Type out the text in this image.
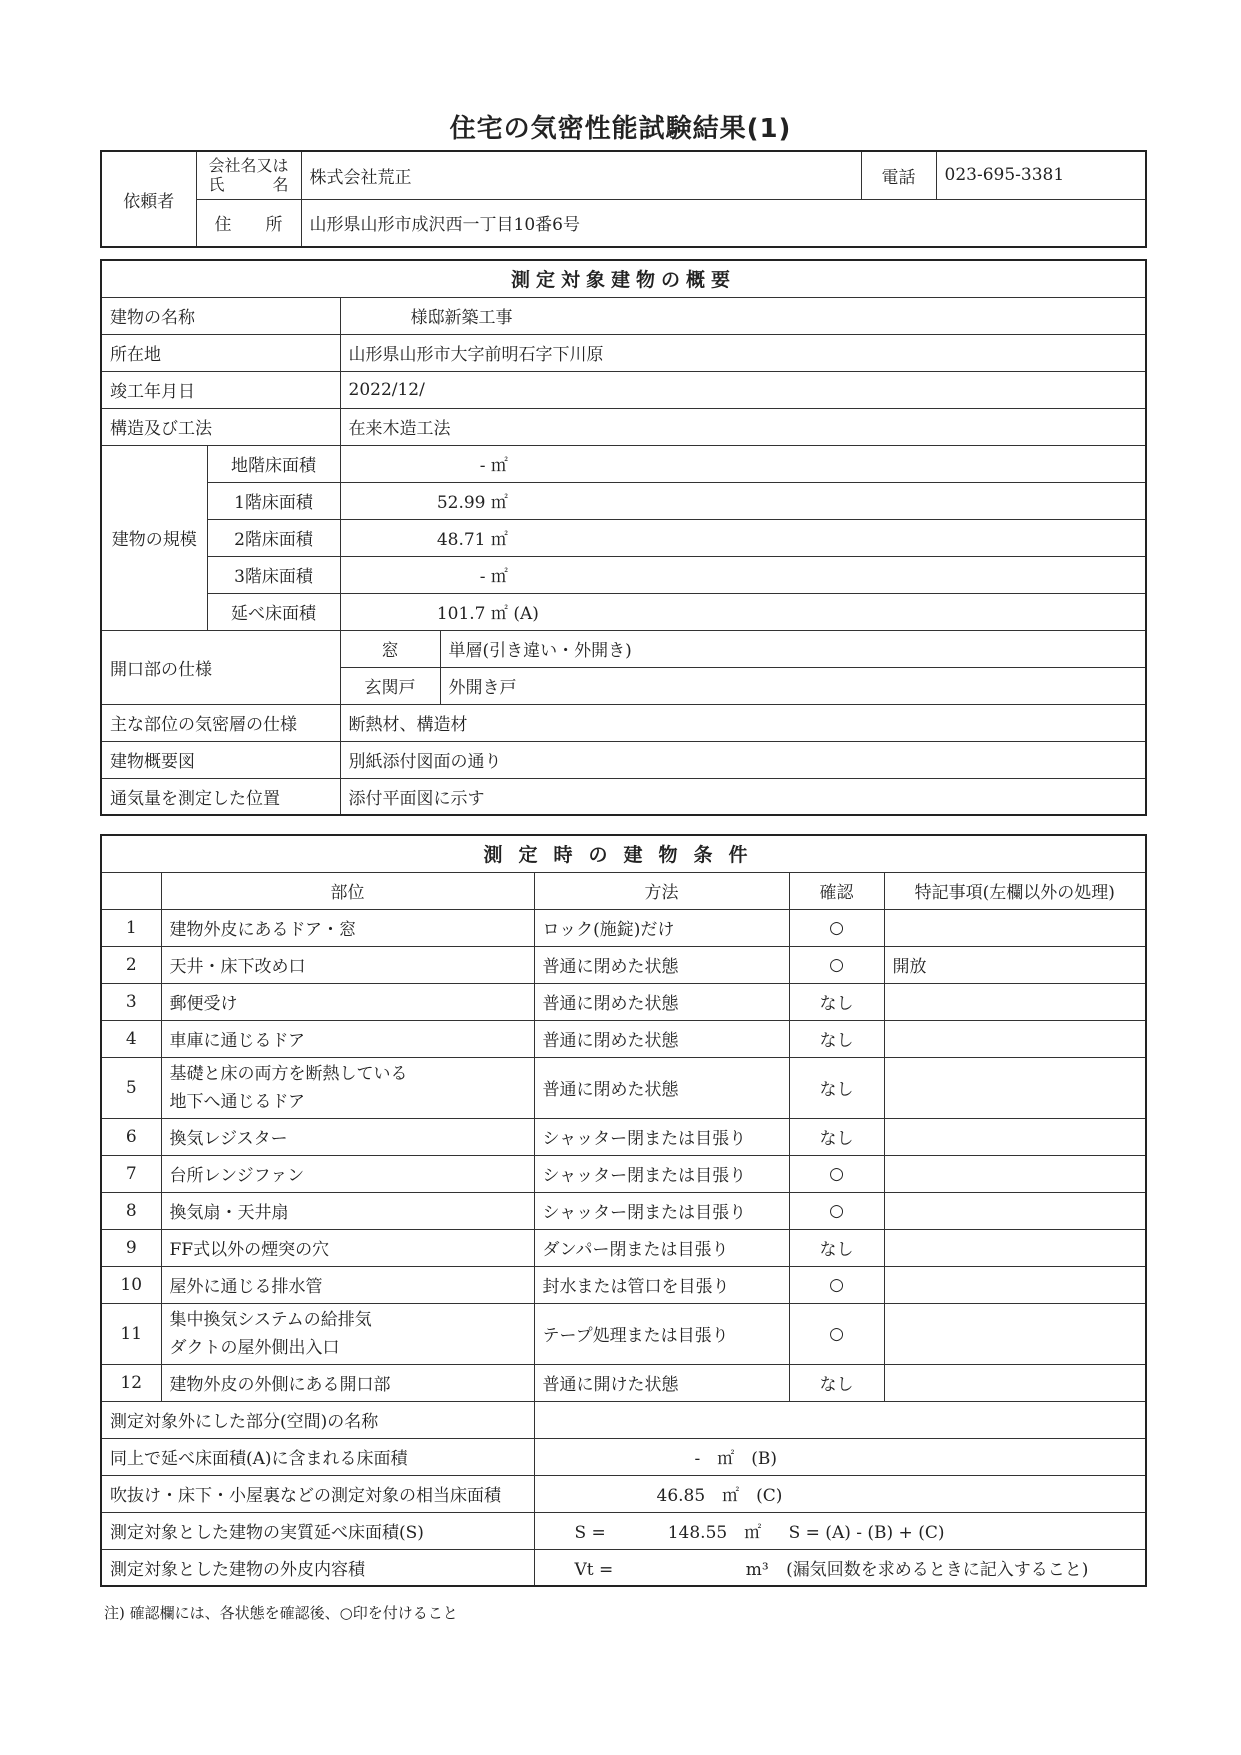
住宅の気密性能試験結果(1)
依頼者	会社名又は
氏　　　名	株式会社荒正	電話	023-695-3381
	住　　所	山形県山形市成沢西一丁目10番6号		
測定対象建物の概要			
建物の名称		様邸新築工事	
所在地		山形県山形市大字前明石字下川原	
竣工年月日		2022/12/	
構造及び工法		在来木造工法	
建物の規模	地階床面積	- ㎡	
	1階床面積	52.99 ㎡	
	2階床面積	48.71 ㎡	
	3階床面積	- ㎡	
	延べ床面積	101.7 ㎡ (A)	
開口部の仕様		窓	単層(引き違い・外開き)
		玄関戸	外開き戸
主な部位の気密層の仕様		断熱材、構造材	
建物概要図		別紙添付図面の通り	
通気量を測定した位置		添付平面図に示す	
測定時の建物条件				
	部位	方法	確認	特記事項(左欄以外の処理)
1	建物外皮にあるドア・窓	ロック(施錠)だけ	○	
2	天井・床下改め口	普通に閉めた状態	○	開放
3	郵便受け	普通に閉めた状態	なし	
4	車庫に通じるドア	普通に閉めた状態	なし	
5	基礎と床の両方を断熱している
地下へ通じるドア	普通に閉めた状態	なし	
6	換気レジスター	シャッター閉または目張り	なし	
7	台所レンジファン	シャッター閉または目張り	○	
8	換気扇・天井扇	シャッター閉または目張り	○	
9	FF式以外の煙突の穴	ダンパー閉または目張り	なし	
10	屋外に通じる排水管	封水または管口を目張り	○	
11	集中換気システムの給排気
ダクトの屋外側出入口	テープ処理または目張り	○	
12	建物外皮の外側にある開口部	普通に開けた状態	なし	
測定対象外にした部分(空間)の名称				
同上で延べ床面積(A)に含まれる床面積		-　㎡　(B)		
吹抜け・床下・小屋裏などの測定対象の相当床面積		46.85　㎡　(C)		
測定対象とした建物の実質延べ床面積(S)		S = 148.55　㎡ S = (A) - (B) + (C)		
測定対象とした建物の外皮内容積		Vt = m³ (漏気回数を求めるときに記入すること)		
注) 確認欄には、各状態を確認後、○印を付けること
